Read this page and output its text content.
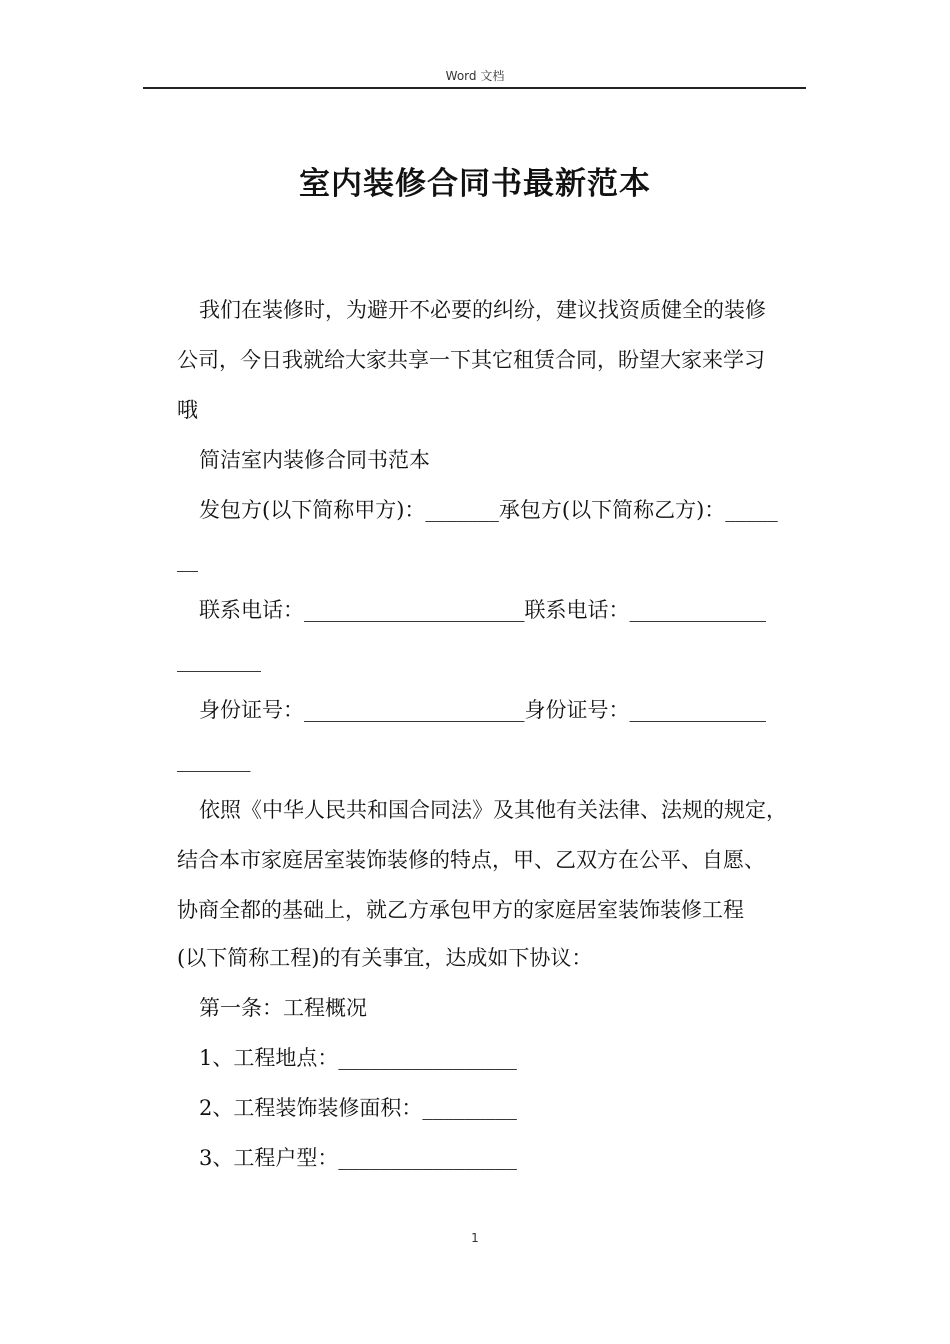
Word 文档
室内装修合同书最新范本
我们在装修时，为避开不必要的纠纷，建议找资质健全的装修
公司，今日我就给大家共享一下其它租赁合同，盼望大家来学习
哦
简洁室内装修合同书范本
发包方(以下简称甲方)：_______承包方(以下简称乙方)：_____
__
联系电话：_____________________联系电话：_____________
________
身份证号：_____________________身份证号：_____________
_______
依照《中华人民共和国合同法》及其他有关法律、法规的规定，
结合本市家庭居室装饰装修的特点，甲、乙双方在公平、自愿、
协商全都的基础上，就乙方承包甲方的家庭居室装饰装修工程
(以下简称工程)的有关事宜，达成如下协议：
第一条：工程概况
1、工程地点：_________________
2、工程装饰装修面积：_________
3、工程户型：_________________
1
